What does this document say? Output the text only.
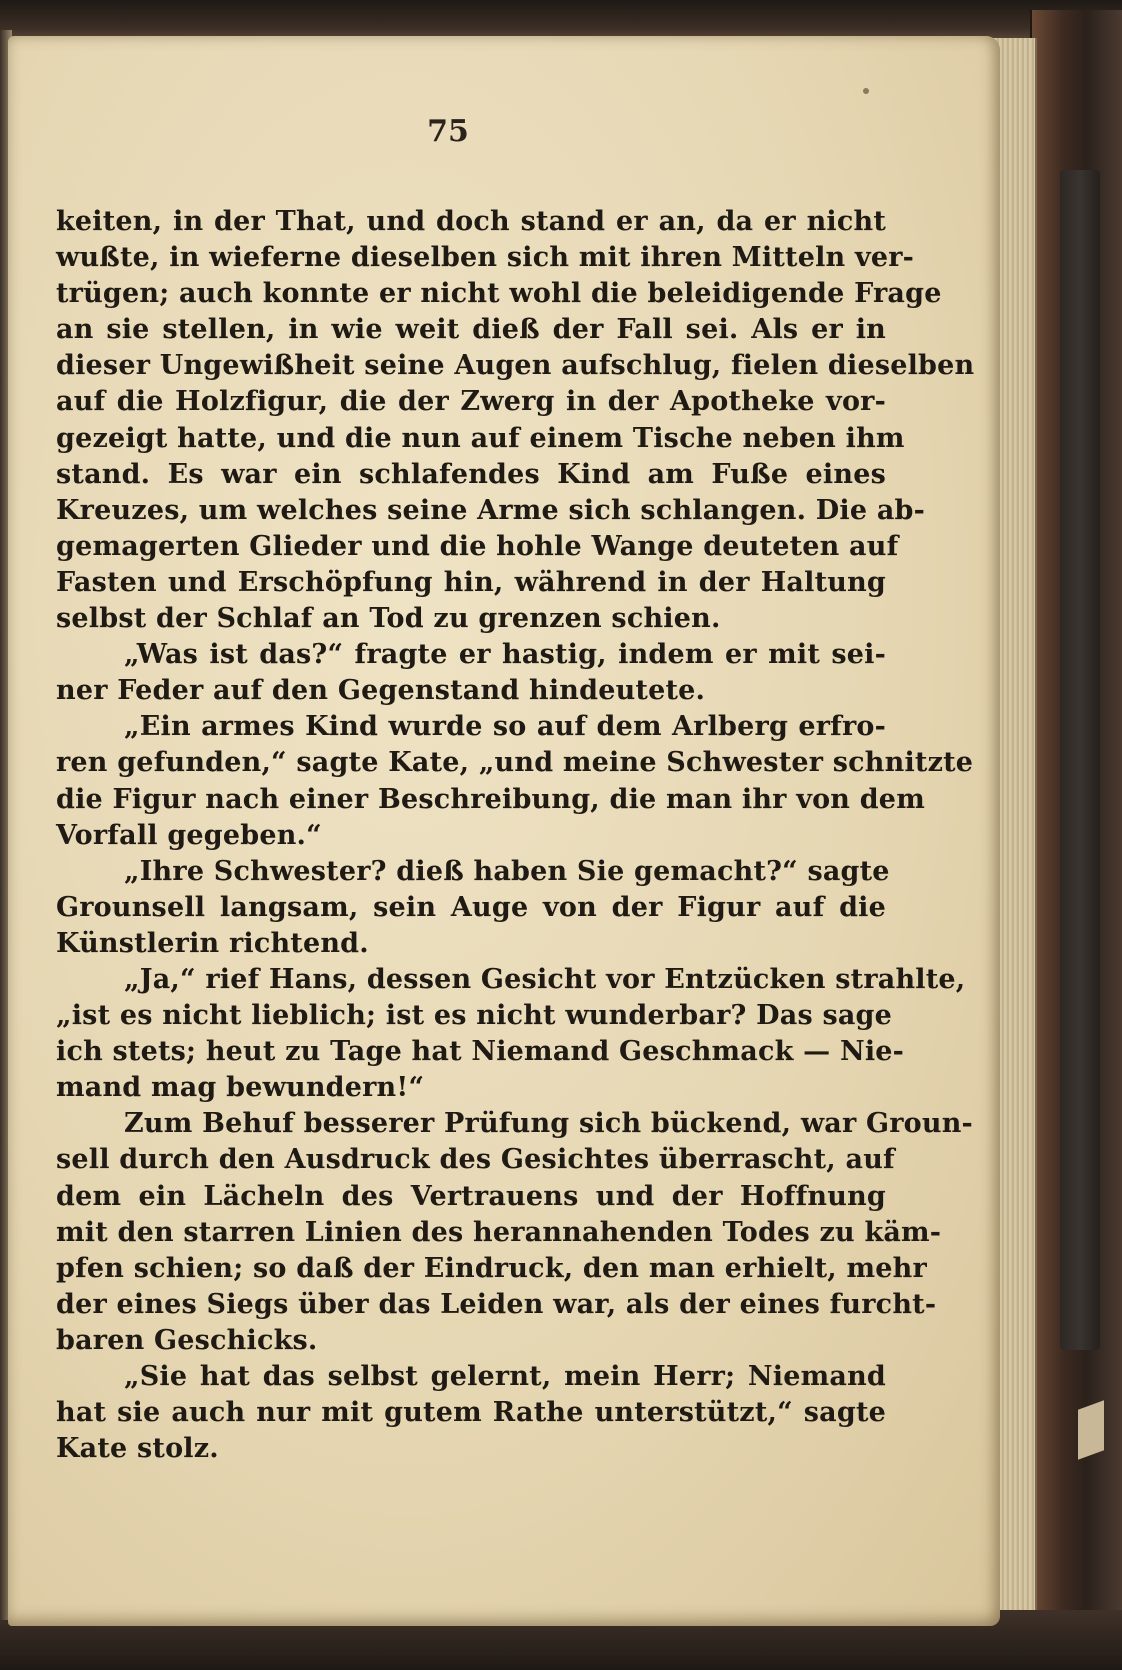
75
keiten, in der That, und doch stand er an, da er nicht
wußte, in wieferne dieselben sich mit ihren Mitteln ver-
trügen; auch konnte er nicht wohl die beleidigende Frage
an sie stellen, in wie weit dieß der Fall sei. Als er in
dieser Ungewißheit seine Augen aufschlug, fielen dieselben
auf die Holzfigur, die der Zwerg in der Apotheke vor-
gezeigt hatte, und die nun auf einem Tische neben ihm
stand. Es war ein schlafendes Kind am Fuße eines
Kreuzes, um welches seine Arme sich schlangen. Die ab-
gemagerten Glieder und die hohle Wange deuteten auf
Fasten und Erschöpfung hin, während in der Haltung
selbst der Schlaf an Tod zu grenzen schien.
„Was ist das?“ fragte er hastig, indem er mit sei-
ner Feder auf den Gegenstand hindeutete.
„Ein armes Kind wurde so auf dem Arlberg erfro-
ren gefunden,“ sagte Kate, „und meine Schwester schnitzte
die Figur nach einer Beschreibung, die man ihr von dem
Vorfall gegeben.“
„Ihre Schwester? dieß haben Sie gemacht?“ sagte
Grounsell langsam, sein Auge von der Figur auf die
Künstlerin richtend.
„Ja,“ rief Hans, dessen Gesicht vor Entzücken strahlte,
„ist es nicht lieblich; ist es nicht wunderbar? Das sage
ich stets; heut zu Tage hat Niemand Geschmack — Nie-
mand mag bewundern!“
Zum Behuf besserer Prüfung sich bückend, war Groun-
sell durch den Ausdruck des Gesichtes überrascht, auf
dem ein Lächeln des Vertrauens und der Hoffnung
mit den starren Linien des herannahenden Todes zu käm-
pfen schien; so daß der Eindruck, den man erhielt, mehr
der eines Siegs über das Leiden war, als der eines furcht-
baren Geschicks.
„Sie hat das selbst gelernt, mein Herr; Niemand
hat sie auch nur mit gutem Rathe unterstützt,“ sagte
Kate stolz.
